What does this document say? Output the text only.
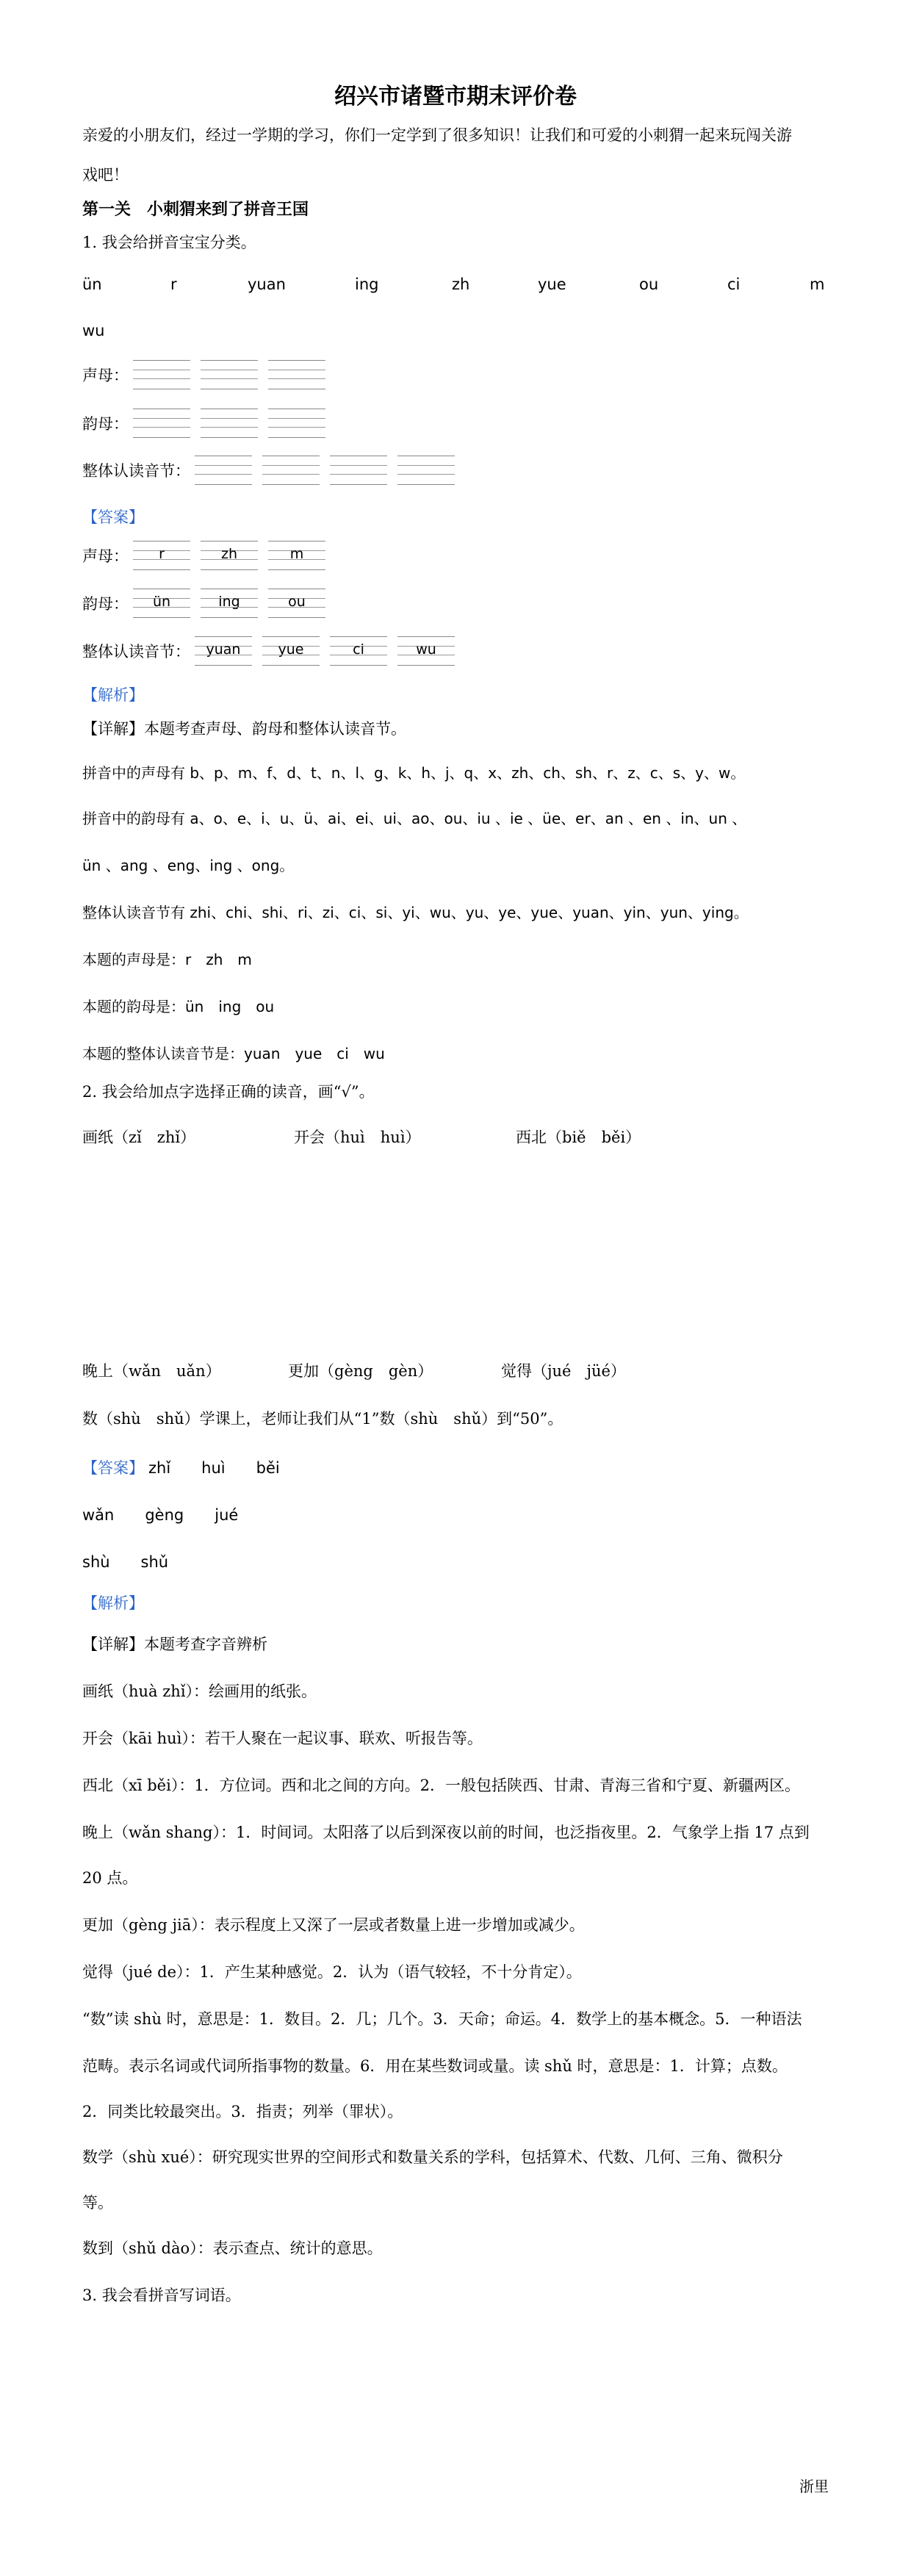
绍兴市诸暨市期末评价卷
亲爱的小朋友们，经过一学期的学习，你们一定学到了很多知识！让我们和可爱的小刺猬一起来玩闯关游
戏吧！
第一关　小刺猬来到了拼音王国
1. 我会给拼音宝宝分类。
ün	r	yuan	ing	zh	yue	ou	ci	m
wu
声母：
韵母：
整体认读音节：
【答案】
声母：	r	zh	m
韵母：	ün	ing	ou
整体认读音节：	yuan	yue	ci	wu
【解析】
【详解】本题考查声母、韵母和整体认读音节。
拼音中的声母有 b、p、m、f、d、t、n、l、g、k、h、j、q、x、zh、ch、sh、r、z、c、s、y、w。
拼音中的韵母有 a、o、e、i、u、ü、ai、ei、ui、ao、ou、iu 、ie 、üe、er、an 、en 、in、un 、
ün 、ang 、eng、ing 、ong。
整体认读音节有 zhi、chi、shi、ri、zi、ci、si、yi、wu、yu、ye、yue、yuan、yin、yun、ying。
本题的声母是：r　zh　m
本题的韵母是：ün　ing　ou
本题的整体认读音节是：yuan　yue　ci　wu
2. 我会给加点字选择正确的读音，画“√”。
画纸（zǐ　zhǐ）	开会（huì　huì）	西北（biě　běi）
晚上（wǎn　uǎn）	更加（gèng　gèn）	觉得（jué　jüé）
数（shù　shǔ）学课上，老师让我们从“1”数（shù　shǔ）到“50”。
【答案】 zhǐ　　huì　　běi
wǎn　　gèng　　jué
shù　　shǔ
【解析】
【详解】本题考查字音辨析
画纸（huà zhǐ）：绘画用的纸张。
开会（kāi huì）：若干人聚在一起议事、联欢、听报告等。
西北（xī běi）：1．方位词。西和北之间的方向。2．一般包括陕西、甘肃、青海三省和宁夏、新疆两区。
晚上（wǎn shang）：1．时间词。太阳落了以后到深夜以前的时间，也泛指夜里。2．气象学上指 17 点到
20 点。
更加（gèng jiā）：表示程度上又深了一层或者数量上进一步增加或减少。
觉得（jué de）：1．产生某种感觉。2．认为（语气较轻，不十分肯定）。
“数”读 shù 时，意思是：1．数目。2．几；几个。3．天命；命运。4．数学上的基本概念。5．一种语法
范畴。表示名词或代词所指事物的数量。6．用在某些数词或量。读 shǔ 时，意思是：1．计算；点数。
2．同类比较最突出。3．指责；列举（罪状）。
数学（shù xué）：研究现实世界的空间形式和数量关系的学科，包括算术、代数、几何、三角、微积分
等。
数到（shǔ dào）：表示查点、统计的意思。
3. 我会看拼音写词语。
浙里
